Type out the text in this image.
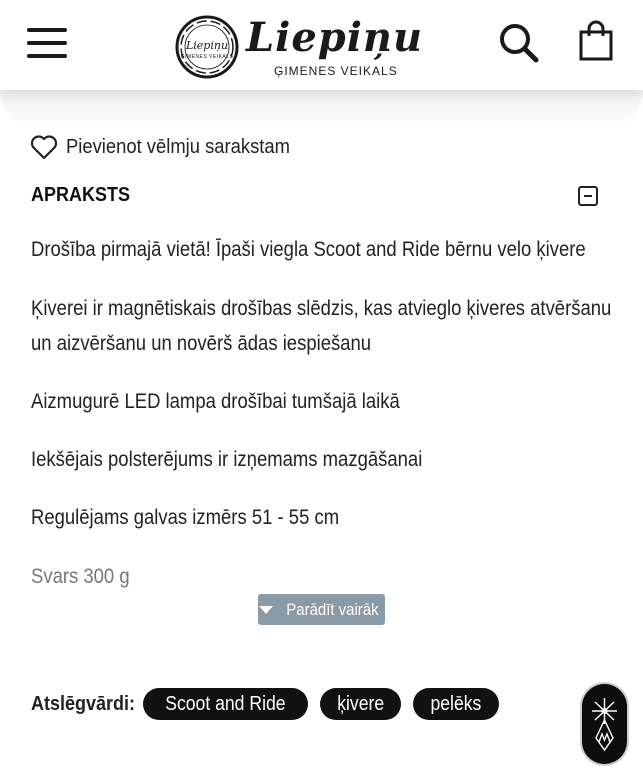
Liepiņu
ĢIMENES VEIKALS Liepiņu
ĢIMENES VEIKALS
Pievienot vēlmju sarakstam
APRAKSTS
Drošība pirmajā vietā! Īpaši viegla Scoot and Ride bērnu velo ķivere
Ķiverei ir magnētiskais drošības slēdzis, kas atvieglo ķiveres atvēršanu un aizvēršanu un novērš ādas iespiešanu
Aizmugurē LED lampa drošībai tumšajā laikā
Iekšējais polsterējums ir izņemams mazgāšanai
Regulējams galvas izmērs 51 - 55 cm
Svars 300 g
Parādīt vairāk
Atslēgvārdi: Scoot and Ride	ķivere pelēks
